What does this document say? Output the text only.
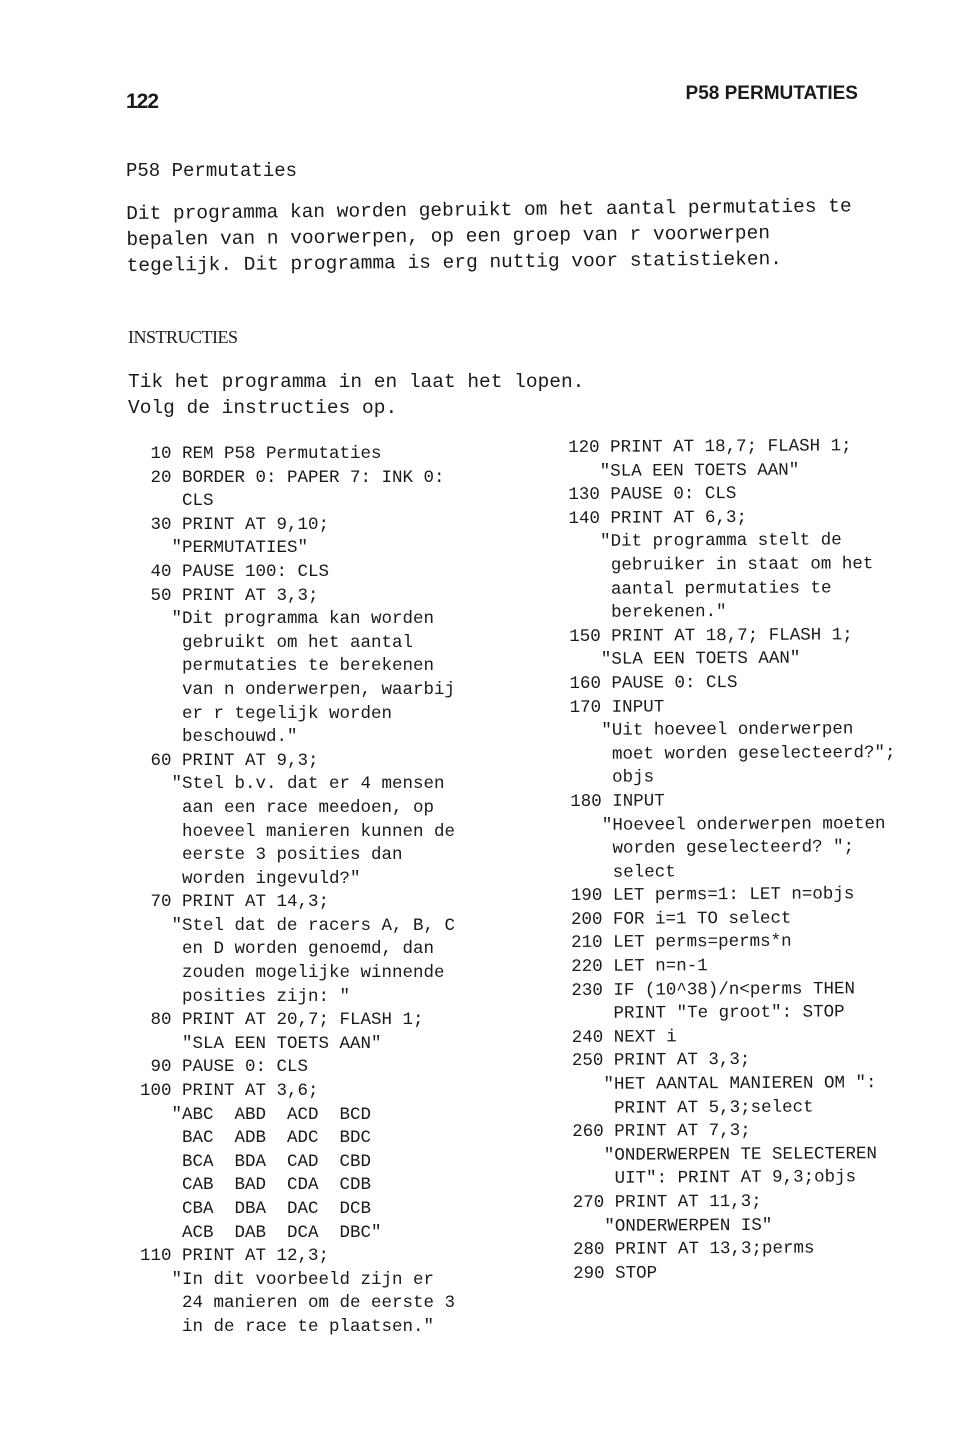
122	P58 PERMUTATIES
P58 Permutaties
Dit programma kan worden gebruikt om het aantal permutaties te
bepalen van n voorwerpen, op een groep van r voorwerpen
tegelijk. Dit programma is erg nuttig voor statistieken.
INSTRUCTIES
Tik het programma in en laat het lopen.
Volg de instructies op.
10 REM P58 Permutaties
20 BORDER 0: PAPER 7: INK 0:
CLS
30 PRINT AT 9,10;
"PERMUTATIES"
40 PAUSE 100: CLS
50 PRINT AT 3,3;
"Dit programma kan worden
gebruikt om het aantal
permutaties te berekenen
van n onderwerpen, waarbij
er r tegelijk worden
beschouwd."
60 PRINT AT 9,3;
"Stel b.v. dat er 4 mensen
aan een race meedoen, op
hoeveel manieren kunnen de
eerste 3 posities dan
worden ingevuld?"
70 PRINT AT 14,3;
"Stel dat de racers A, B, C
en D worden genoemd, dan
zouden mogelijke winnende
posities zijn: "
80 PRINT AT 20,7; FLASH 1;
"SLA EEN TOETS AAN"
90 PAUSE 0: CLS
100 PRINT AT 3,6;
"ABC  ABD  ACD  BCD
BAC  ADB  ADC  BDC
BCA  BDA  CAD  CBD
CAB  BAD  CDA  CDB
CBA  DBA  DAC  DCB
ACB  DAB  DCA  DBC"
110 PRINT AT 12,3;
"In dit voorbeeld zijn er
24 manieren om de eerste 3
in de race te plaatsen."
120 PRINT AT 18,7; FLASH 1;
"SLA EEN TOETS AAN"
130 PAUSE 0: CLS
140 PRINT AT 6,3;
"Dit programma stelt de
gebruiker in staat om het
aantal permutaties te
berekenen."
150 PRINT AT 18,7; FLASH 1;
"SLA EEN TOETS AAN"
160 PAUSE 0: CLS
170 INPUT
"Uit hoeveel onderwerpen
moet worden geselecteerd?";
objs
180 INPUT
"Hoeveel onderwerpen moeten
worden geselecteerd? ";
select
190 LET perms=1: LET n=objs
200 FOR i=1 TO select
210 LET perms=perms*n
220 LET n=n-1
230 IF (10^38)/n<perms THEN
PRINT "Te groot": STOP
240 NEXT i
250 PRINT AT 3,3;
"HET AANTAL MANIEREN OM ":
PRINT AT 5,3;select
260 PRINT AT 7,3;
"ONDERWERPEN TE SELECTEREN
UIT": PRINT AT 9,3;objs
270 PRINT AT 11,3;
"ONDERWERPEN IS"
280 PRINT AT 13,3;perms
290 STOP
